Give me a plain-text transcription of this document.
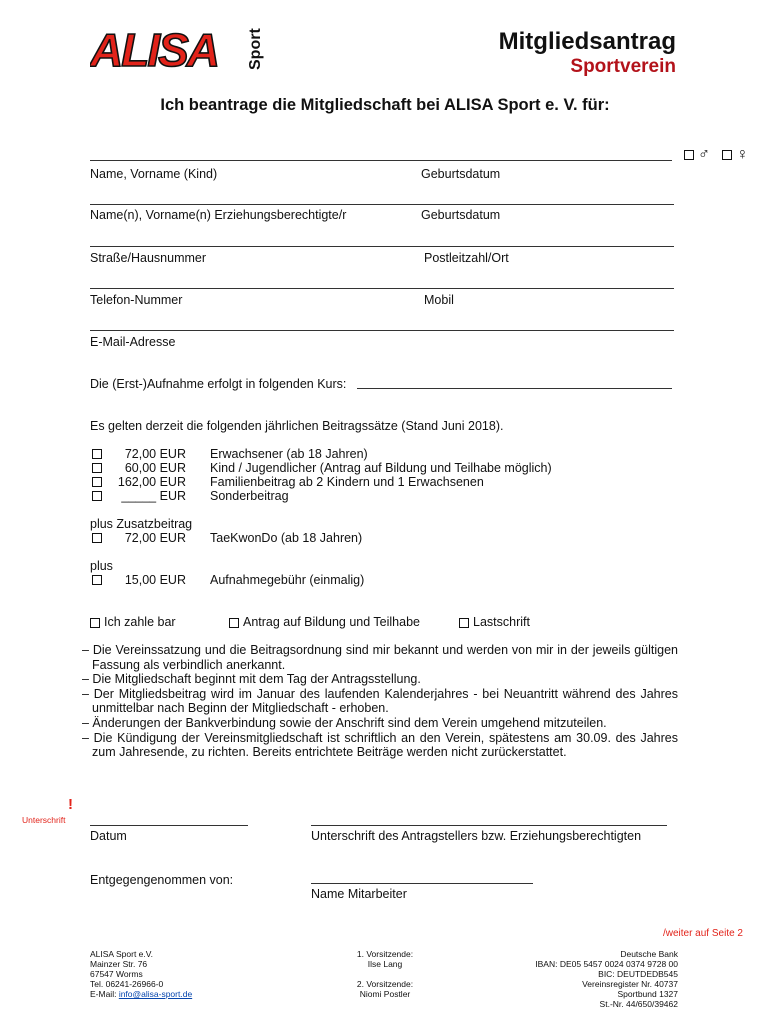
ALISA Sport	Mitgliedsantrag
Sportverein
Ich beantrage die Mitgliedschaft bei ALISA Sport e. V. für:
♂ ♀
Name, Vorname (Kind)	Geburtsdatum
Name(n), Vorname(n) Erziehungsberechtigte/r	Geburtsdatum
Straße/Hausnummer	Postleitzahl/Ort
Telefon-Nummer	Mobil
E-Mail-Adresse
Die (Erst-)Aufnahme erfolgt in folgenden Kurs:
Es gelten derzeit die folgenden jährlichen Beitragssätze (Stand Juni 2018).
72,00 EUR Erwachsener (ab 18 Jahren)
60,00 EUR Kind / Jugendlicher (Antrag auf Bildung und Teilhabe möglich)
162,00 EUR Familienbeitrag ab 2 Kindern und 1 Erwachsenen
_____ EUR Sonderbeitrag
plus Zusatzbeitrag
72,00 EUR TaeKwonDo (ab 18 Jahren)
plus
15,00 EUR Aufnahmegebühr (einmalig)
Ich zahle bar	Antrag auf Bildung und Teilhabe	Lastschrift
– Die Vereinssatzung und die Beitragsordnung sind mir bekannt und werden von mir in der jeweils gültigen Fassung als verbindlich anerkannt.
– Die Mitgliedschaft beginnt mit dem Tag der Antragsstellung.
– Der Mitgliedsbeitrag wird im Januar des laufenden Kalenderjahres - bei Neuantritt während des Jahres unmittelbar nach Beginn der Mitgliedschaft - erhoben.
– Änderungen der Bankverbindung sowie der Anschrift sind dem Verein umgehend mitzuteilen.
– Die Kündigung der Vereinsmitgliedschaft ist schriftlich an den Verein, spätestens am 30.09. des Jahres zum Jahresende, zu richten. Bereits entrichtete Beiträge werden nicht zurückerstattet.
!
Unterschrift
Datum	Unterschrift des Antragstellers bzw. Erziehungsberechtigten
Entgegengenommen von:
Name Mitarbeiter
/weiter auf Seite 2
ALISA Sport e.V.
Mainzer Str. 76
67547 Worms
Tel. 06241-26966-0
E-Mail: info@alisa-sport.de
1. Vorsitzende:
Ilse Lang
2. Vorsitzende:
Niomi Postler
Deutsche Bank
IBAN: DE05 5457 0024 0374 9728 00
BIC: DEUTDEDB545
Vereinsregister Nr. 40737
Sportbund 1327
St.-Nr. 44/650/39462
